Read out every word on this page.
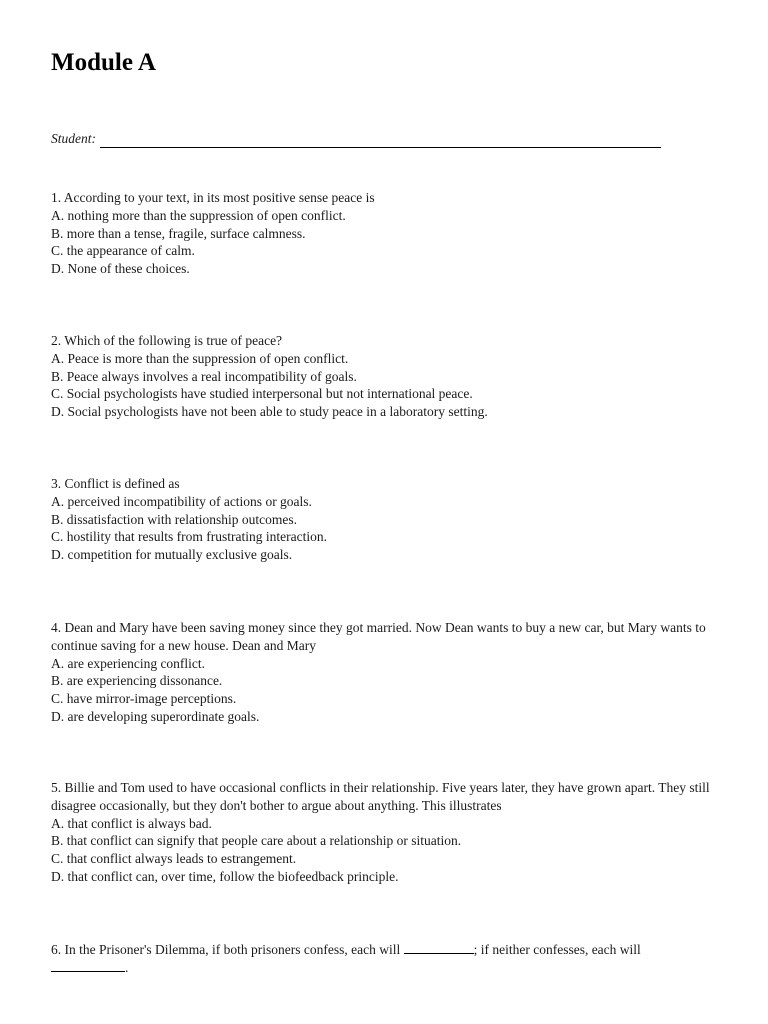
Module A
Student:

1. According to your text, in its most positive sense peace is

A. nothing more than the suppression of open conflict.

B. more than a tense, fragile, surface calmness.

C. the appearance of calm.

D. None of these choices.

2. Which of the following is true of peace?

A. Peace is more than the suppression of open conflict.

B. Peace always involves a real incompatibility of goals.

C. Social psychologists have studied interpersonal but not international peace.

D. Social psychologists have not been able to study peace in a laboratory setting.

3. Conflict is defined as

A. perceived incompatibility of actions or goals.

B. dissatisfaction with relationship outcomes.

C. hostility that results from frustrating interaction.

D. competition for mutually exclusive goals.

4. Dean and Mary have been saving money since they got married. Now Dean wants to buy a new car, but Mary wants to continue saving for a new house. Dean and Mary

A. are experiencing conflict.

B. are experiencing dissonance.

C. have mirror-image perceptions.

D. are developing superordinate goals.

5. Billie and Tom used to have occasional conflicts in their relationship. Five years later, they have grown apart. They still disagree occasionally, but they don't bother to argue about anything. This illustrates

A. that conflict is always bad.

B. that conflict can signify that people care about a relationship or situation.

C. that conflict always leads to estrangement.

D. that conflict can, over time, follow the biofeedback principle.

6. In the Prisoner's Dilemma, if both prisoners confess, each will	; if neither confesses, each will
.
